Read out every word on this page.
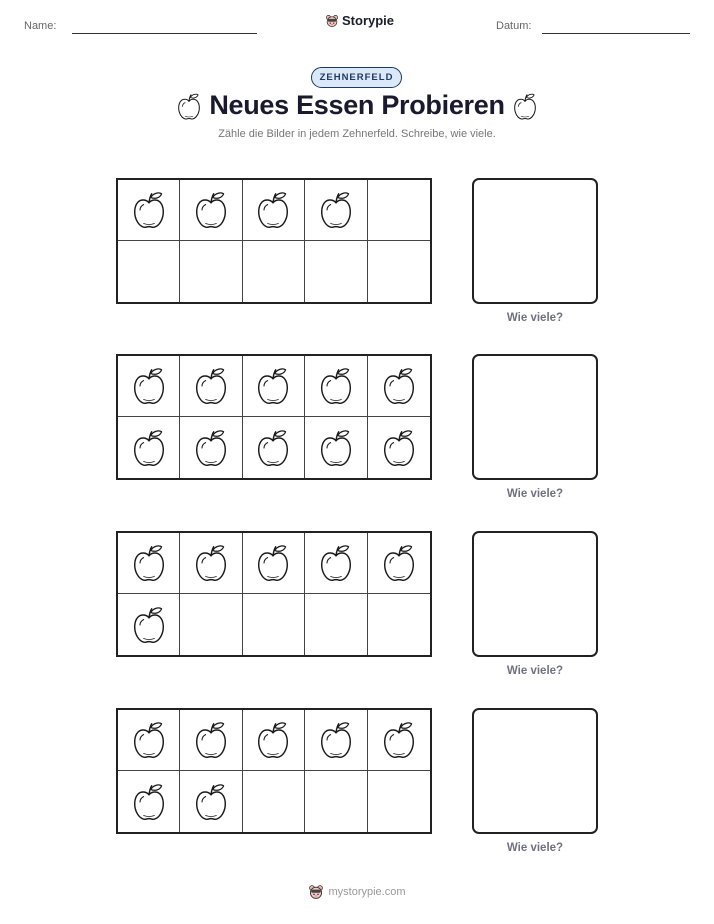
Name:	Storypie	Datum:
ZEHNERFELD
Neues Essen Probieren
Zähle die Bilder in jedem Zehnerfeld. Schreibe, wie viele.
Wie viele?
Wie viele?
Wie viele?
Wie viele?
mystorypie.com
